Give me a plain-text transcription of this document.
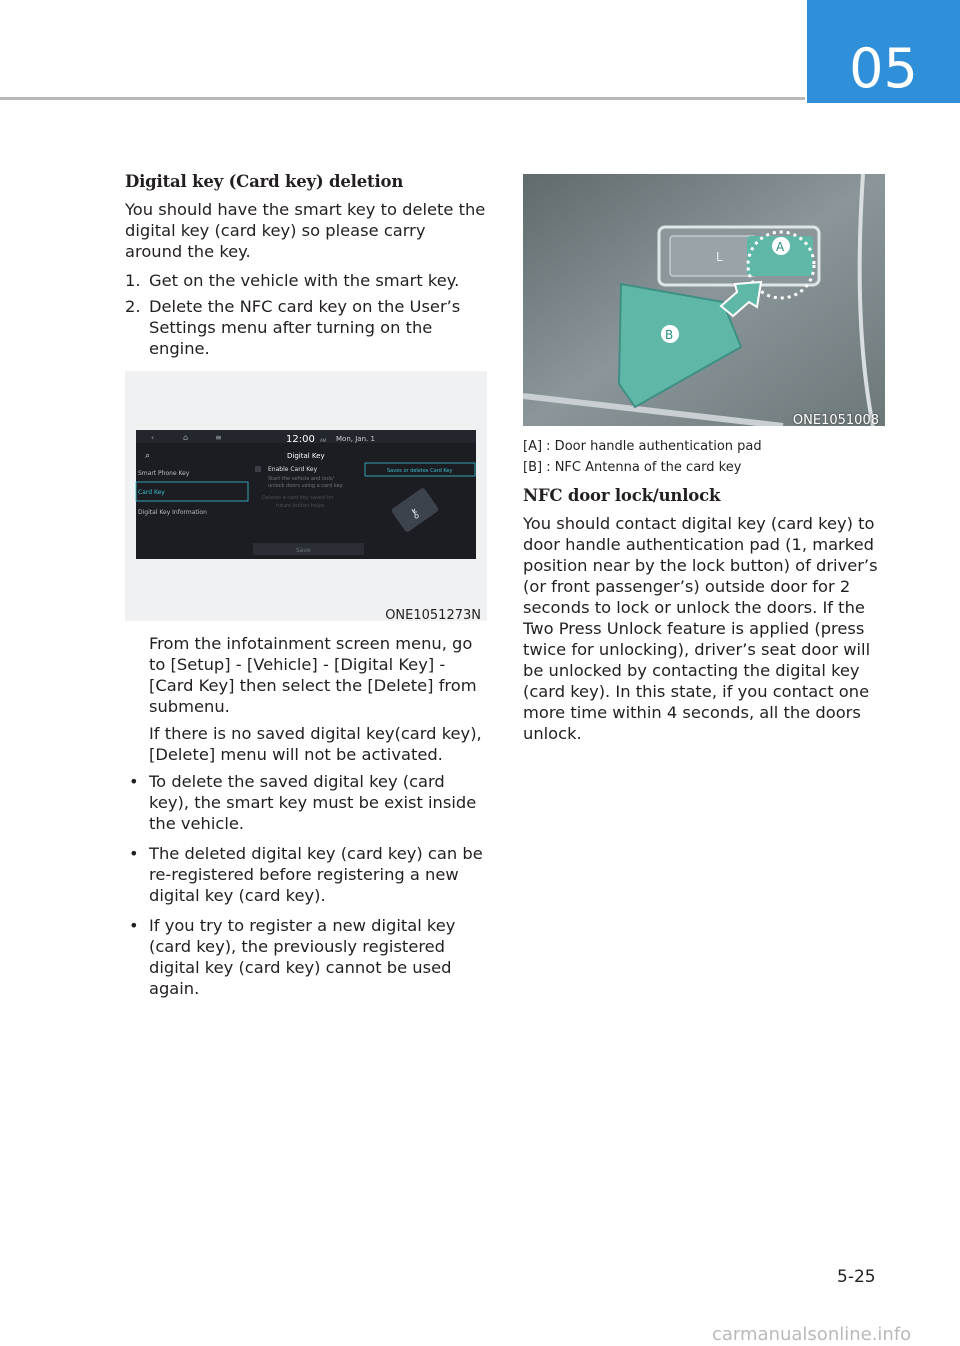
05
Digital key (Card key) deletion

You should have the smart key to delete the digital key (card key) so please carry around the key.

1. Get on the vehicle with the smart key.
2. Delete the NFC card key on the User’s Settings menu after turning on the engine.
‹	⌂	≡	12:00 AM Mon, Jan. 1
⌕	Digital Key
Smart Phone Key
Card Key
Digital Key Information
Enable Card Key
Start the vehicle and lock/
unlock doors using a card key.
Deletes a card key saved for
future button helps.
Saves or deletes Card Key
⚷
Save
ONE1051273N

From the infotainment screen menu, go to [Setup] - [Vehicle] - [Digital Key] - [Card Key] then select the [Delete] from submenu.

If there is no saved digital key(card key), [Delete] menu will not be activated.

• To delete the saved digital key (card key), the smart key must be exist inside the vehicle.
• The deleted digital key (card key) can be re-registered before registering a new digital key (card key).
• If you try to register a new digital key (card key), the previously registered digital key (card key) cannot be used again.
L
A
B
ONE1051008

[A] : Door handle authentication pad

[B] : NFC Antenna of the card key

NFC door lock/unlock

You should contact digital key (card key) to door handle authentication pad (1, marked position near by the lock button) of driver’s (or front passenger’s) outside door for 2 seconds to lock or unlock the doors. If the Two Press Unlock feature is applied (press twice for unlocking), driver’s seat door will be unlocked by contacting the digital key (card key). In this state, if you contact one more time within 4 seconds, all the doors unlock.

5-25
carmanualsonline.info
